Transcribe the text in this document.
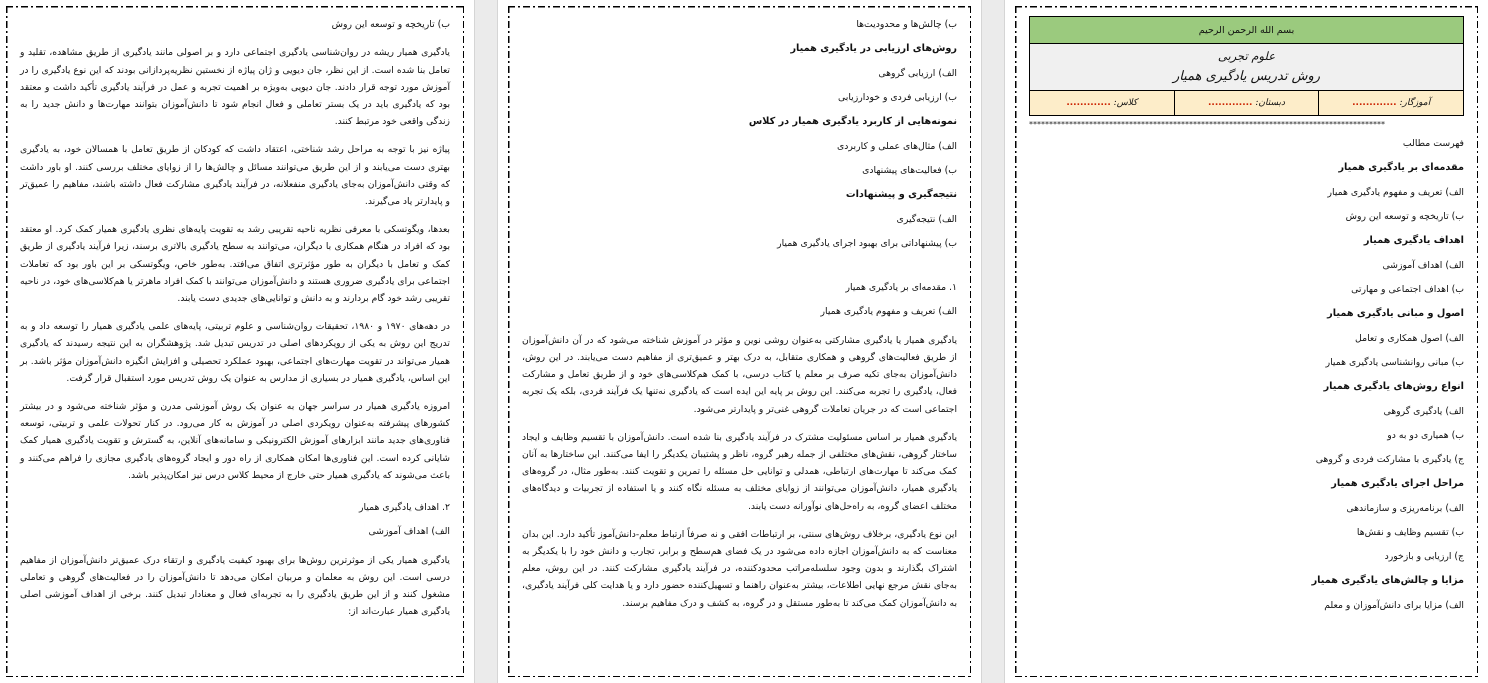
بسم الله الرحمن الرحیم

علوم تجربی
روش تدریس یادگیری همیار

آموزگار: .............	دبستان: .............	کلاس: .............
*****************************************************************************************
فهرست مطالب
مقدمه‌ای بر یادگیری همیار
الف) تعریف و مفهوم یادگیری همیار
ب) تاریخچه و توسعه این روش
اهداف یادگیری همیار
الف) اهداف آموزشی
ب) اهداف اجتماعی و مهارتی
اصول و مبانی یادگیری همیار
الف) اصول همکاری و تعامل
ب) مبانی روانشناسی یادگیری همیار
انواع روش‌های یادگیری همیار
الف) یادگیری گروهی
ب) همیاری دو به دو
ج) یادگیری با مشارکت فردی و گروهی
مراحل اجرای یادگیری همیار
الف) برنامه‌ریزی و سازماندهی
ب) تقسیم وظایف و نقش‌ها
ج) ارزیابی و بازخورد
مزایا و چالش‌های یادگیری همیار
الف) مزایا برای دانش‌آموزان و معلم
ب) چالش‌ها و محدودیت‌ها
روش‌های ارزیابی در یادگیری همیار
الف) ارزیابی گروهی
ب) ارزیابی فردی و خودارزیابی
نمونه‌هایی از کاربرد یادگیری همیار در کلاس
الف) مثال‌های عملی و کاربردی
ب) فعالیت‌های پیشنهادی
نتیجه‌گیری و پیشنهادات
الف) نتیجه‌گیری
ب) پیشنهاداتی برای بهبود اجرای یادگیری همیار
۱. مقدمه‌ای بر یادگیری همیار
الف) تعریف و مفهوم یادگیری همیار

یادگیری همیار یا یادگیری مشارکتی به‌عنوان روشی نوین و مؤثر در آموزش شناخته می‌شود که در آن دانش‌آموزان از طریق فعالیت‌های گروهی و همکاری متقابل، به درک بهتر و عمیق‌تری از مفاهیم دست می‌یابند. در این روش، دانش‌آموزان به‌جای تکیه صرف بر معلم یا کتاب درسی، با کمک هم‌کلاسی‌های خود و از طریق تعامل و مشارکت فعال، یادگیری را تجربه می‌کنند. این روش بر پایه این ایده است که یادگیری نه‌تنها یک فرآیند فردی، بلکه یک تجربه اجتماعی است که در جریان تعاملات گروهی غنی‌تر و پایدارتر می‌شود.

یادگیری همیار بر اساس مسئولیت مشترک در فرآیند یادگیری بنا شده است. دانش‌آموزان با تقسیم وظایف و ایجاد ساختار گروهی، نقش‌های مختلفی از جمله رهبر گروه، ناظر و پشتیبان یکدیگر را ایفا می‌کنند. این ساختارها به آنان کمک می‌کند تا مهارت‌های ارتباطی، همدلی و توانایی حل مسئله را تمرین و تقویت کنند. به‌طور مثال، در گروه‌های یادگیری همیار، دانش‌آموزان می‌توانند از زوایای مختلف به مسئله نگاه کنند و یا استفاده از تجربیات و دیدگاه‌های مختلف اعضای گروه، به راه‌حل‌های نوآورانه دست یابند.

این نوع یادگیری، برخلاف روش‌های سنتی، بر ارتباطات افقی و نه صرفاً ارتباط معلم-دانش‌آموز تأکید دارد. این بدان معناست که به دانش‌آموزان اجازه داده می‌شود در یک فضای هم‌سطح و برابر، تجارب و دانش خود را با یکدیگر به اشتراک بگذارند و بدون وجود سلسله‌مراتب محدودکننده، در فرآیند یادگیری مشارکت کنند. در این روش، معلم به‌جای نقش مرجع نهایی اطلاعات، بیشتر به‌عنوان راهنما و تسهیل‌کننده حضور دارد و یا هدایت کلی فرآیند یادگیری، به دانش‌آموزان کمک می‌کند تا به‌طور مستقل و در گروه، به کشف و درک مفاهیم برسند.

ب) تاریخچه و توسعه این روش

یادگیری همیار ریشه در روان‌شناسی یادگیری اجتماعی دارد و بر اصولی مانند یادگیری از طریق مشاهده، تقلید و تعامل بنا شده است. از این نظر، جان دیویی و ژان پیاژه از نخستین نظریه‌پردازانی بودند که این نوع یادگیری را در آموزش مورد توجه قرار دادند. جان دیویی به‌ویژه بر اهمیت تجربه و عمل در فرآیند یادگیری تأکید داشت و معتقد بود که یادگیری باید در یک بستر تعاملی و فعال انجام شود تا دانش‌آموزان بتوانند مهارت‌ها و دانش جدید را به زندگی واقعی خود مرتبط کنند.

پیاژه نیز با توجه به مراحل رشد شناختی، اعتقاد داشت که کودکان از طریق تعامل با همسالان خود، به یادگیری بهتری دست می‌یابند و از این طریق می‌توانند مسائل و چالش‌ها را از زوایای مختلف بررسی کنند. او باور داشت که وقتی دانش‌آموزان به‌جای یادگیری منفعلانه، در فرآیند یادگیری مشارکت فعال داشته باشند، مفاهیم را عمیق‌تر و پایدارتر یاد می‌گیرند.

بعدها، ویگوتسکی با معرفی نظریه ناحیه تقریبی رشد به تقویت پایه‌های نظری یادگیری همیار کمک کرد. او معتقد بود که افراد در هنگام همکاری با دیگران، می‌توانند به سطح یادگیری بالاتری برسند، زیرا فرآیند یادگیری از طریق کمک و تعامل با دیگران به طور مؤثرتری اتفاق می‌افتد. به‌طور خاص، ویگوتسکی بر این باور بود که تعاملات اجتماعی برای یادگیری ضروری هستند و دانش‌آموزان می‌توانند با کمک افراد ماهرتر یا هم‌کلاسی‌های خود، در ناحیه تقریبی رشد خود گام بردارند و به دانش و توانایی‌های جدیدی دست یابند.

در دهه‌های ۱۹۷۰ و ۱۹۸۰، تحقیقات روان‌شناسی و علوم تربیتی، پایه‌های علمی یادگیری همیار را توسعه داد و به تدریج این روش به یکی از رویکردهای اصلی در تدریس تبدیل شد. پژوهشگران به این نتیجه رسیدند که یادگیری همیار می‌تواند در تقویت مهارت‌های اجتماعی، بهبود عملکرد تحصیلی و افزایش انگیزه دانش‌آموزان مؤثر باشد. بر این اساس، یادگیری همیار در بسیاری از مدارس به عنوان یک روش تدریس مورد استقبال قرار گرفت.

امروزه یادگیری همیار در سراسر جهان به عنوان یک روش آموزشی مدرن و مؤثر شناخته می‌شود و در بیشتر کشورهای پیشرفته به‌عنوان رویکردی اصلی در آموزش به کار می‌رود. در کنار تحولات علمی و تربیتی، توسعه فناوری‌های جدید مانند ابزارهای آموزش الکترونیکی و سامانه‌های آنلاین، به گسترش و تقویت یادگیری همیار کمک شایانی کرده است. این فناوری‌ها امکان همکاری از راه دور و ایجاد گروه‌های یادگیری مجازی را فراهم می‌کنند و باعث می‌شوند که یادگیری همیار حتی خارج از محیط کلاس درس نیز امکان‌پذیر باشد.

۲. اهداف یادگیری همیار
الف) اهداف آموزشی

یادگیری همیار یکی از موثرترین روش‌ها برای بهبود کیفیت یادگیری و ارتقاء درک عمیق‌تر دانش‌آموزان از مفاهیم درسی است. این روش به معلمان و مربیان امکان می‌دهد تا دانش‌آموزان را در فعالیت‌های گروهی و تعاملی مشغول کنند و از این طریق یادگیری را به تجربه‌ای فعال و معنادار تبدیل کنند. برخی از اهداف آموزشی اصلی یادگیری همیار عبارت‌اند از:
